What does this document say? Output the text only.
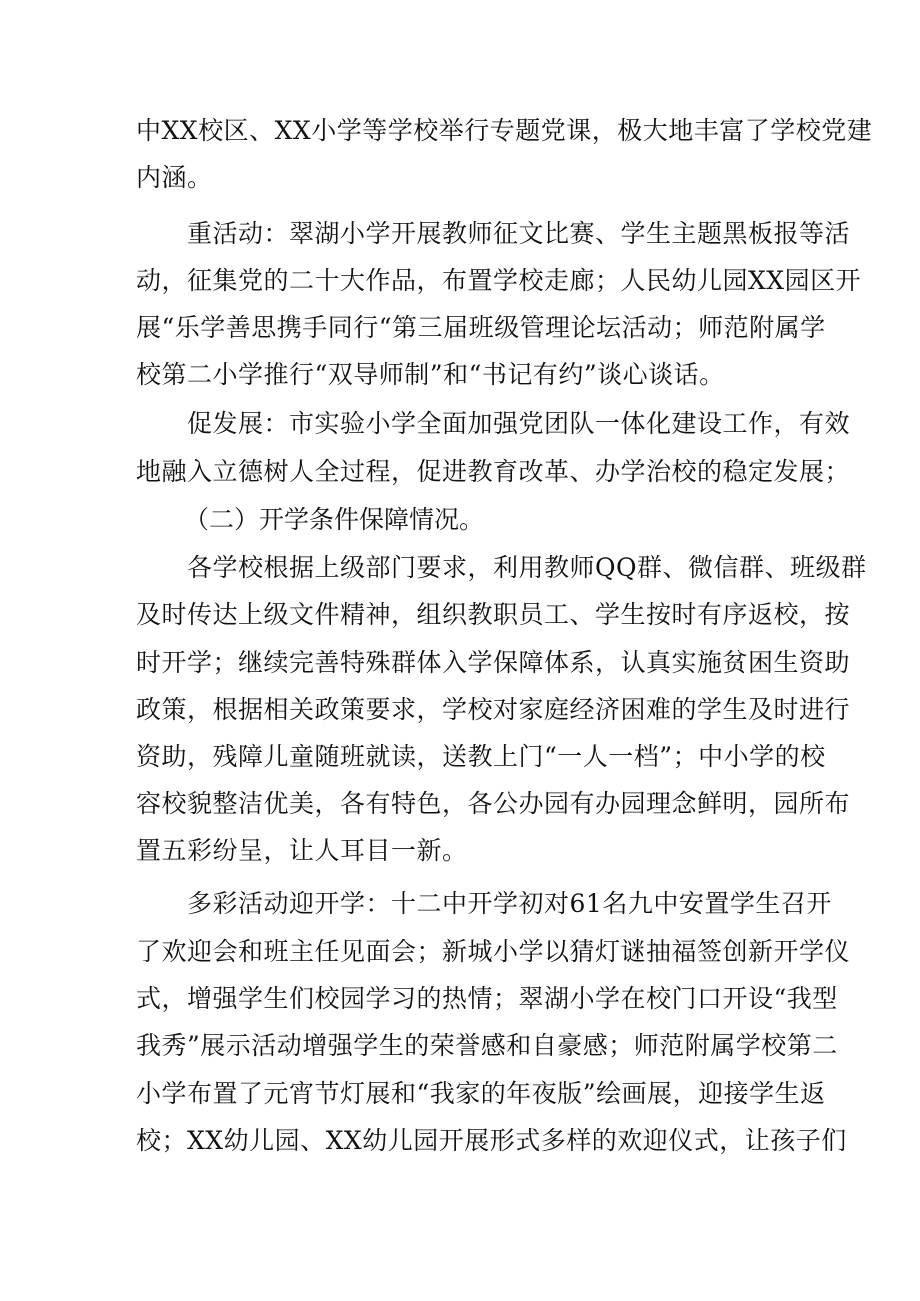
中XX校区、XX小学等学校举行专题党课，极大地丰富了学校党建
内涵。
　　重活动：翠湖小学开展教师征文比赛、学生主题黑板报等活
动，征集党的二十大作品，布置学校走廊；人民幼儿园XX园区开
展“乐学善思携手同行“第三届班级管理论坛活动；师范附属学
校第二小学推行“双导师制”和“书记有约”谈心谈话。
　　促发展：市实验小学全面加强党团队一体化建设工作，有效
地融入立德树人全过程，促进教育改革、办学治校的稳定发展；
（二）开学条件保障情况。
　　各学校根据上级部门要求，利用教师QQ群、微信群、班级群
及时传达上级文件精神，组织教职员工、学生按时有序返校，按
时开学；继续完善特殊群体入学保障体系，认真实施贫困生资助
政策，根据相关政策要求，学校对家庭经济困难的学生及时进行
资助，残障儿童随班就读，送教上门“一人一档”；中小学的校
容校貌整洁优美，各有特色，各公办园有办园理念鲜明，园所布
置五彩纷呈，让人耳目一新。
　　多彩活动迎开学：十二中开学初对61名九中安置学生召开
了欢迎会和班主任见面会；新城小学以猜灯谜抽福签创新开学仪
式，增强学生们校园学习的热情；翠湖小学在校门口开设“我型
我秀”展示活动增强学生的荣誉感和自豪感；师范附属学校第二
小学布置了元宵节灯展和“我家的年夜版”绘画展，迎接学生返
校；XX幼儿园、XX幼儿园开展形式多样的欢迎仪式，让孩子们
